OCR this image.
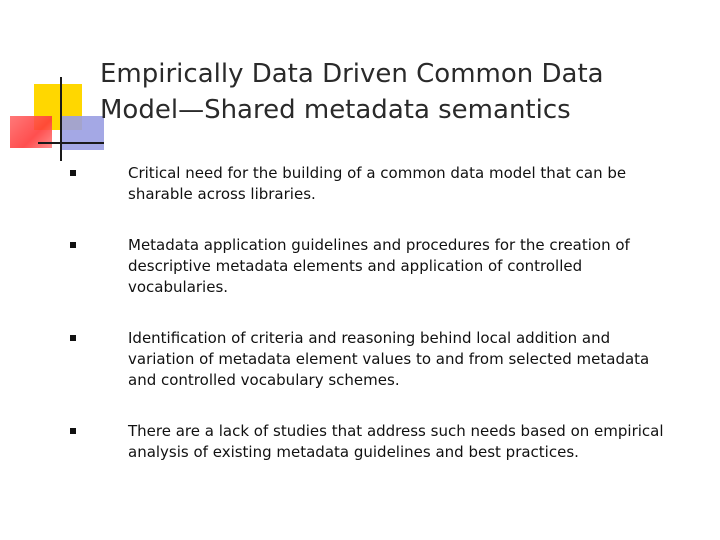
Empirically Data Driven Common Data
Model—Shared metadata semantics
Critical need for the building of a common data model that can be
sharable across libraries.
Metadata application guidelines and procedures for the creation of
descriptive metadata elements and application of controlled
vocabularies.
Identification of criteria and reasoning behind local addition and
variation of metadata element values to and from selected metadata
and controlled vocabulary schemes.
There are a lack of studies that address such needs based on empirical
analysis of existing metadata guidelines and best practices.
